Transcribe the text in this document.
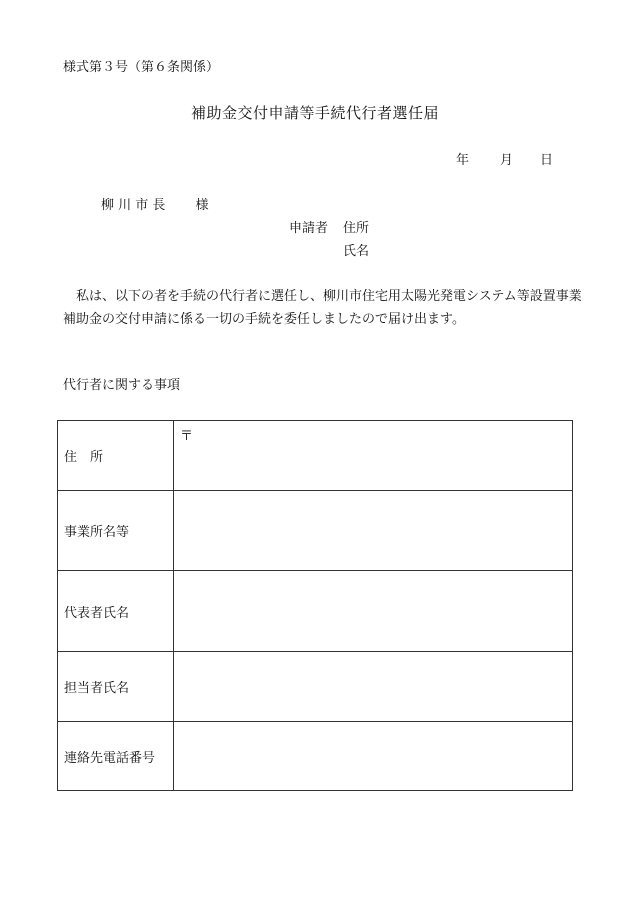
様式第３号（第６条関係）
補助金交付申請等手続代行者選任届
年 月 日
柳 川 市 長 様
申請者 住所
氏名

私は、以下の者を手続の代行者に選任し、柳川市住宅用太陽光発電システム等設置事業補助金の交付申請に係る一切の手続を委任しましたので届け出ます。

代行者に関する事項
住　所	〒

事業所名等	
代表者氏名	
担当者氏名	
連絡先電話番号	
